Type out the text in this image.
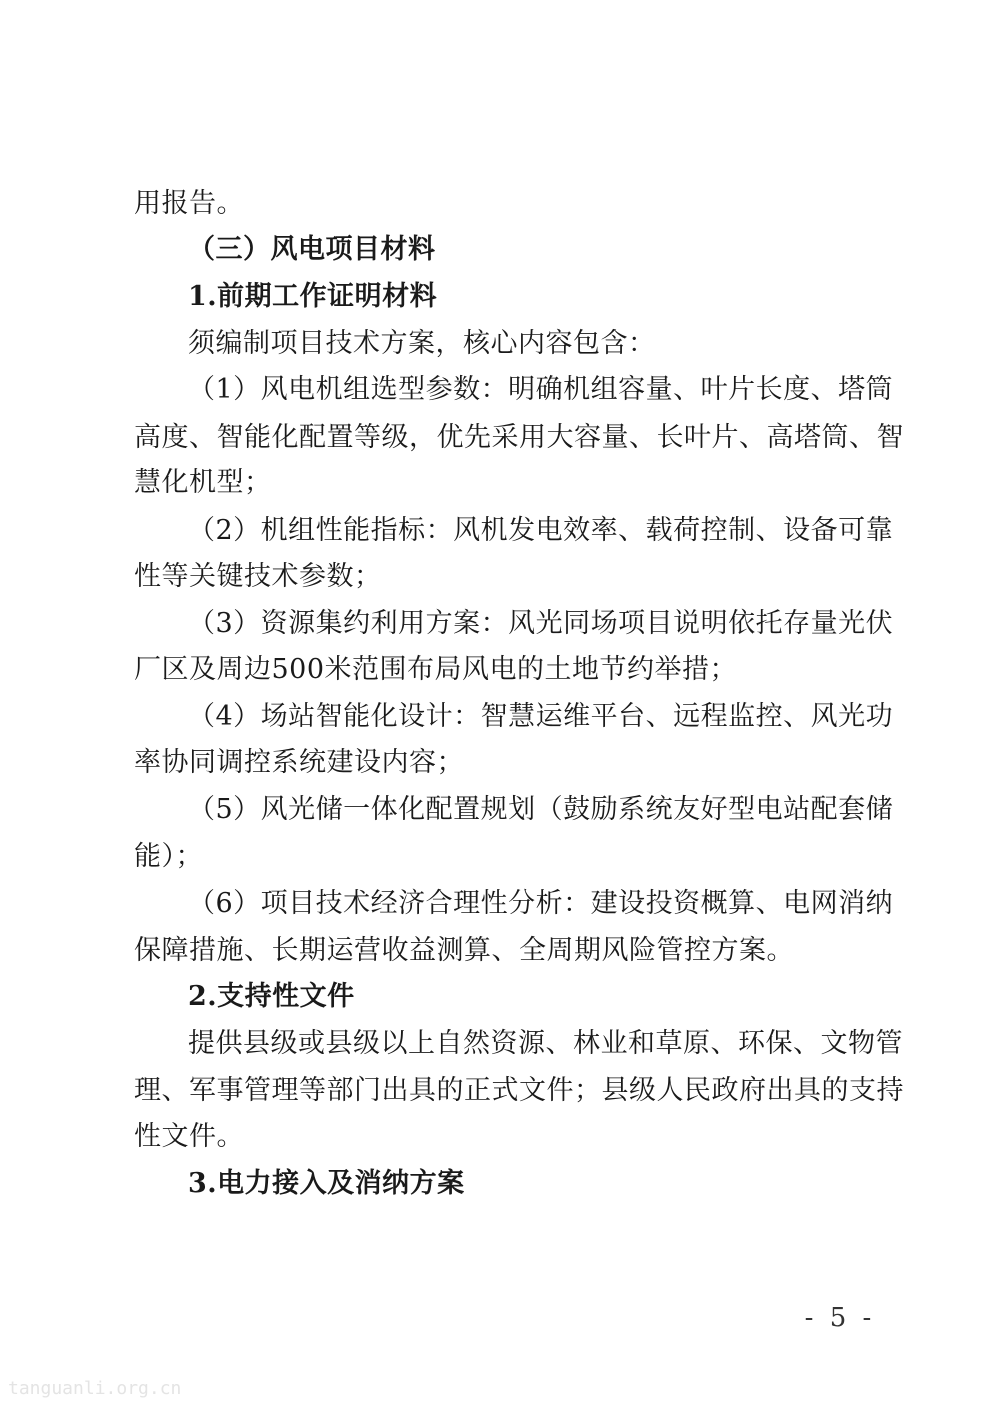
用报告。
（三）风电项目材料
1.前期工作证明材料
须编制项目技术方案，核心内容包含：
（1）风电机组选型参数：明确机组容量、叶片长度、塔筒
高度、智能化配置等级，优先采用大容量、长叶片、高塔筒、智
慧化机型；
（2）机组性能指标：风机发电效率、载荷控制、设备可靠
性等关键技术参数；
（3）资源集约利用方案：风光同场项目说明依托存量光伏
厂区及周边500米范围布局风电的土地节约举措；
（4）场站智能化设计：智慧运维平台、远程监控、风光功
率协同调控系统建设内容；
（5）风光储一体化配置规划（鼓励系统友好型电站配套储
能）；
（6）项目技术经济合理性分析：建设投资概算、电网消纳
保障措施、长期运营收益测算、全周期风险管控方案。
2.支持性文件
提供县级或县级以上自然资源、林业和草原、环保、文物管
理、军事管理等部门出具的正式文件；县级人民政府出具的支持
性文件。
3.电力接入及消纳方案
- 5 -
tanguanli.org.cn
